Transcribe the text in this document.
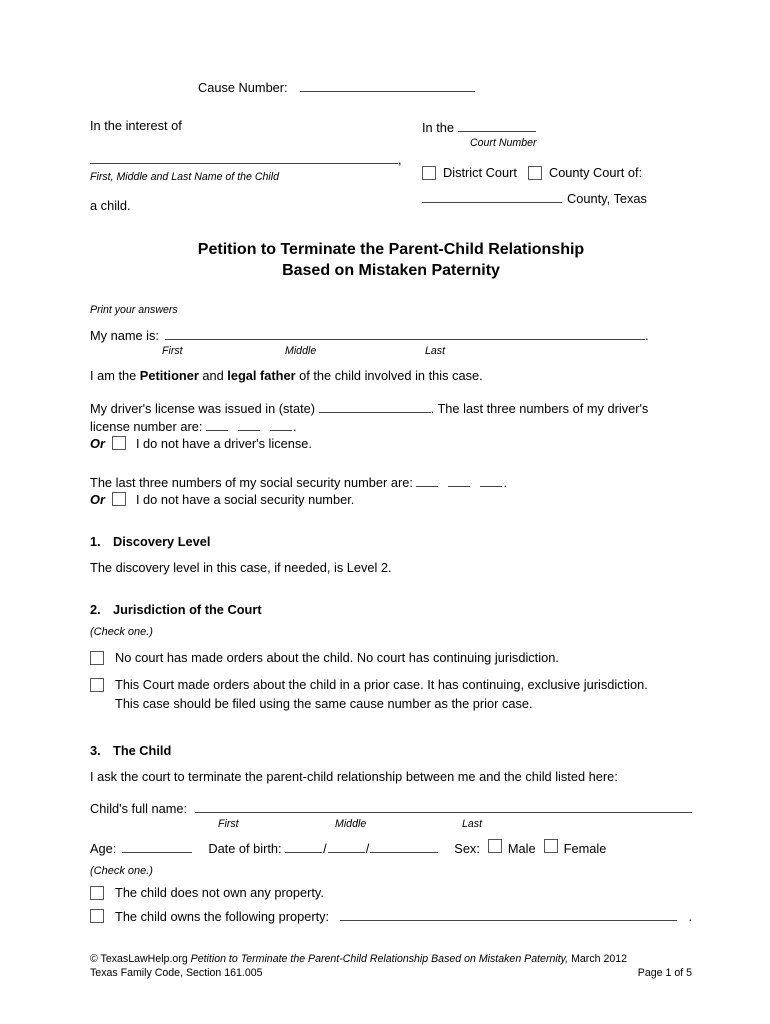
Cause Number:
In the interest of
,
First, Middle and Last Name of the Child
a child.
In the
Court Number
District Court	County Court of:
County, Texas
Petition to Terminate the Parent-Child Relationship
Based on Mistaken Paternity
Print your answers
My name is:	.
First	Middle	Last
I am the Petitioner and legal father of the child involved in this case.
My driver's license was issued in (state)	. The last three numbers of my driver's
license number are:	.
Or I do not have a driver's license.
The last three numbers of my social security number are:	.
Or I do not have a social security number.
1. Discovery Level
The discovery level in this case, if needed, is Level 2.
2. Jurisdiction of the Court
(Check one.)
No court has made orders about the child. No court has continuing jurisdiction.
This Court made orders about the child in a prior case. It has continuing, exclusive jurisdiction.
This case should be filed using the same cause number as the prior case.
3. The Child
I ask the court to terminate the parent-child relationship between me and the child listed here:
Child's full name:
First	Middle	Last
Age:	Date of birth:
	/	/	Sex: Male Female
(Check one.)
The child does not own any property.
The child owns the following property:	.
© TexasLawHelp.org Petition to Terminate the Parent-Child Relationship Based on Mistaken Paternity, March 2012
Texas Family Code, Section 161.005	Page 1 of 5
